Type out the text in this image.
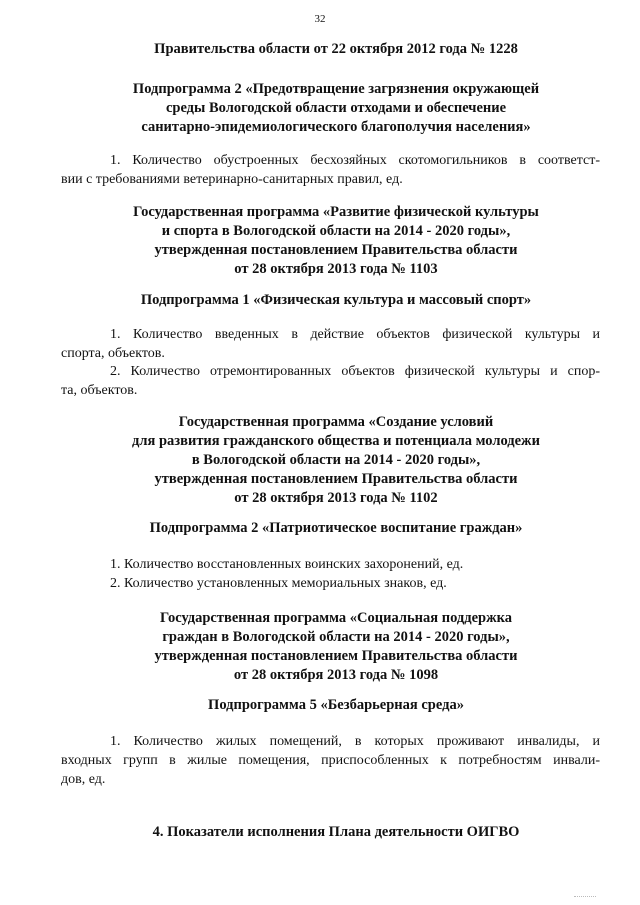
32
Правительства области от 22 октября 2012 года № 1228
Подпрограмма 2 «Предотвращение загрязнения окружающей
среды Вологодской области отходами и обеспечение
санитарно-эпидемиологического благополучия населения»
1. Количество обустроенных бесхозяйных скотомогильников в соответст-
вии с требованиями ветеринарно-санитарных правил, ед.
Государственная программа «Развитие физической культуры
и спорта в Вологодской области на 2014 - 2020 годы»,
утвержденная постановлением Правительства области
от 28 октября 2013 года № 1103
Подпрограмма 1 «Физическая культура и массовый спорт»
1. Количество введенных в действие объектов физической культуры и
спорта, объектов.
2. Количество отремонтированных объектов физической культуры и спор-
та, объектов.
Государственная программа «Создание условий
для развития гражданского общества и потенциала молодежи
в Вологодской области на 2014 - 2020 годы»,
утвержденная постановлением Правительства области
от 28 октября 2013 года № 1102
Подпрограмма 2 «Патриотическое воспитание граждан»
1. Количество восстановленных воинских захоронений, ед.
2. Количество установленных мемориальных знаков, ед.
Государственная программа «Социальная поддержка
граждан в Вологодской области на 2014 - 2020 годы»,
утвержденная постановлением Правительства области
от 28 октября 2013 года № 1098
Подпрограмма 5 «Безбарьерная среда»
1. Количество жилых помещений, в которых проживают инвалиды, и
входных групп в жилые помещения, приспособленных к потребностям инвали-
дов, ед.
4. Показатели исполнения Плана деятельности ОИГВО
